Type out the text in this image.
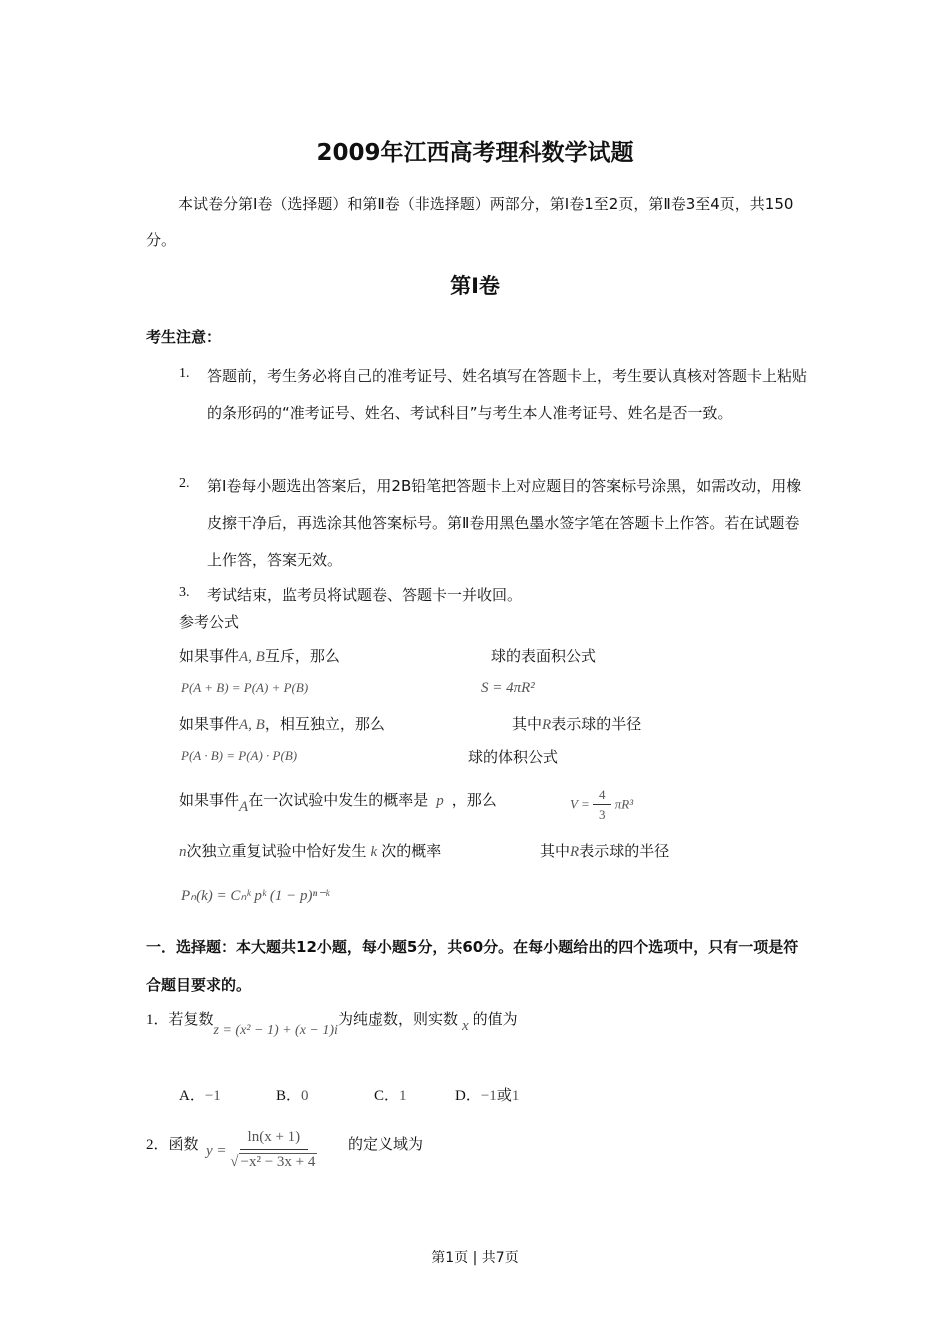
2009年江西高考理科数学试题
本试卷分第Ⅰ卷（选择题）和第Ⅱ卷（非选择题）两部分，第Ⅰ卷1至2页，第Ⅱ卷3至4页，共150分。
第Ⅰ卷
考生注意：
1. 答题前，考生务必将自己的准考证号、姓名填写在答题卡上，考生要认真核对答题卡上粘贴的条形码的“准考证号、姓名、考试科目”与考生本人准考证号、姓名是否一致。
2. 第Ⅰ卷每小题选出答案后，用2B铅笔把答题卡上对应题目的答案标号涂黑，如需改动，用橡皮擦干净后，再选涂其他答案标号。第Ⅱ卷用黑色墨水签字笔在答题卡上作答。若在试题卷上作答，答案无效。
3. 考试结束，监考员将试题卷、答题卡一并收回。
参考公式
如果事件A, B互斥，那么	球的表面积公式
P(A + B) = P(A) + P(B)	S = 4πR²
如果事件A, B，相互独立，那么	其中R表示球的半径
P(A · B) = P(A) · P(B)	球的体积公式
如果事件A在一次试验中发生的概率是 p ，那么	$V = \frac{4}{3} \pi R^3$
n次独立重复试验中恰好发生 k 次的概率	其中R表示球的半径
Pₙ(k) = Cₙᵏ pᵏ (1 − p)ⁿ⁻ᵏ
一．选择题：本大题共12小题，每小题5分，共60分。在每小题给出的四个选项中，只有一项是符合题目要求的。
1．若复数z = (x² − 1) + (x − 1)i为纯虚数，则实数 x 的值为
A．−1	B．0	C．1	D．−1或1
2．函数 $y = \frac{\ln(x + 1)}{\text{√ −x² − 3x + 4}}$ 的定义域为
第1页 | 共7页
